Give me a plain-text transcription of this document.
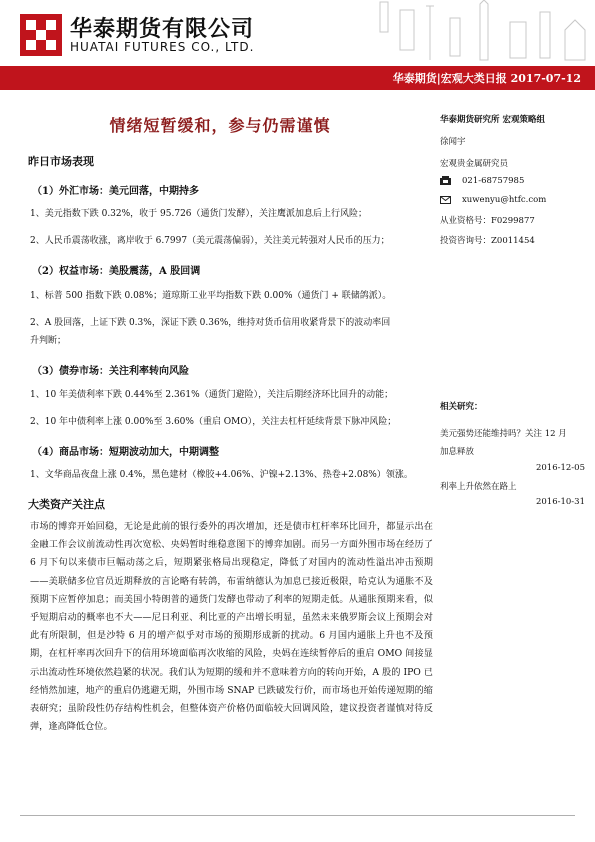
华泰期货有限公司
HUATAI FUTURES CO., LTD.
华泰期货|宏观大类日报 2017-07-12
情绪短暂缓和，参与仍需谨慎
昨日市场表现
（1）外汇市场：美元回落，中期持多
1、美元指数下跌 0.32%，收于 95.726（通货门发酵），关注鹰派加息后上行风险；
2、人民币震荡收涨，离岸收于 6.7997（美元震荡偏弱），关注美元转强对人民币的压力；
（2）权益市场：美股震荡，A 股回调
1、标普 500 指数下跌 0.08%；道琼斯工业平均指数下跌 0.00%（通货门 + 联储鸽派）。
2、A 股回落，上证下跌 0.3%，深证下跌 0.36%，维持对货币信用收紧背景下的波动率回
升判断；
（3）债券市场：关注利率转向风险
1、10 年美债利率下跌 0.44%至 2.361%（通货门避险），关注后期经济环比回升的动能；
2、10 年中债利率上涨 0.00%至 3.60%（重启 OMO），关注去杠杆延续背景下脉冲风险；
（4）商品市场：短期波动加大，中期调整
1、文华商品夜盘上涨 0.4%，黑色建材（橡胶+4.06%、沪镍+2.13%、热卷+2.08%）领涨。
大类资产关注点
市场的博弈开始回稳，无论是此前的银行委外的再次增加，还是债市杠杆率环比回升，都显示出在金融工作会议前流动性再次宽松、央妈暂时维稳意图下的博弈加剧。而另一方面外围市场在经历了 6 月下旬以来债市巨幅动荡之后，短期紧张格局出现稳定，降低了对国内的流动性溢出冲击预期——美联储多位官员近期释放的言论略有转鸽，布雷纳德认为加息已接近极限，哈克认为通胀不及预期下应暂停加息；而美国小特朗普的通货门发酵也带动了利率的短期走低。从通胀预期来看，似乎短期启动的概率也不大——尼日利亚、利比亚的产出增长明显，虽然未来俄罗斯会议上预期会对此有所限制，但是沙特 6 月的增产似乎对市场的预期形成新的扰动。6 月国内通胀上升也不及预期，在杠杆率再次回升下的信用环境面临再次收缩的风险，央妈在连续暂停后的重启 OMO 间接显示出流动性环境依然趋紧的状况。我们认为短期的缓和并不意味着方向的转向开始，A 股的 IPO 已经悄然加速，地产的重启仍逃避无期，外围市场 SNAP 已跌破发行价，而市场也开始传递短期的缩表研究；虽阶段性仍存结构性机会，但整体资产价格仍面临较大回调风险，建议投资者谨慎对待反弹，逢高降低仓位。
华泰期货研究所 宏观策略组
徐闻宇
宏观贵金属研究员
021-68757985
xuwenyu@htfc.com
从业资格号：F0299877
投资咨询号：Z0011454
相关研究：
美元强势还能维持吗？关注 12 月
加息释放
2016-12-05
利率上升依然在路上
2016-10-31
